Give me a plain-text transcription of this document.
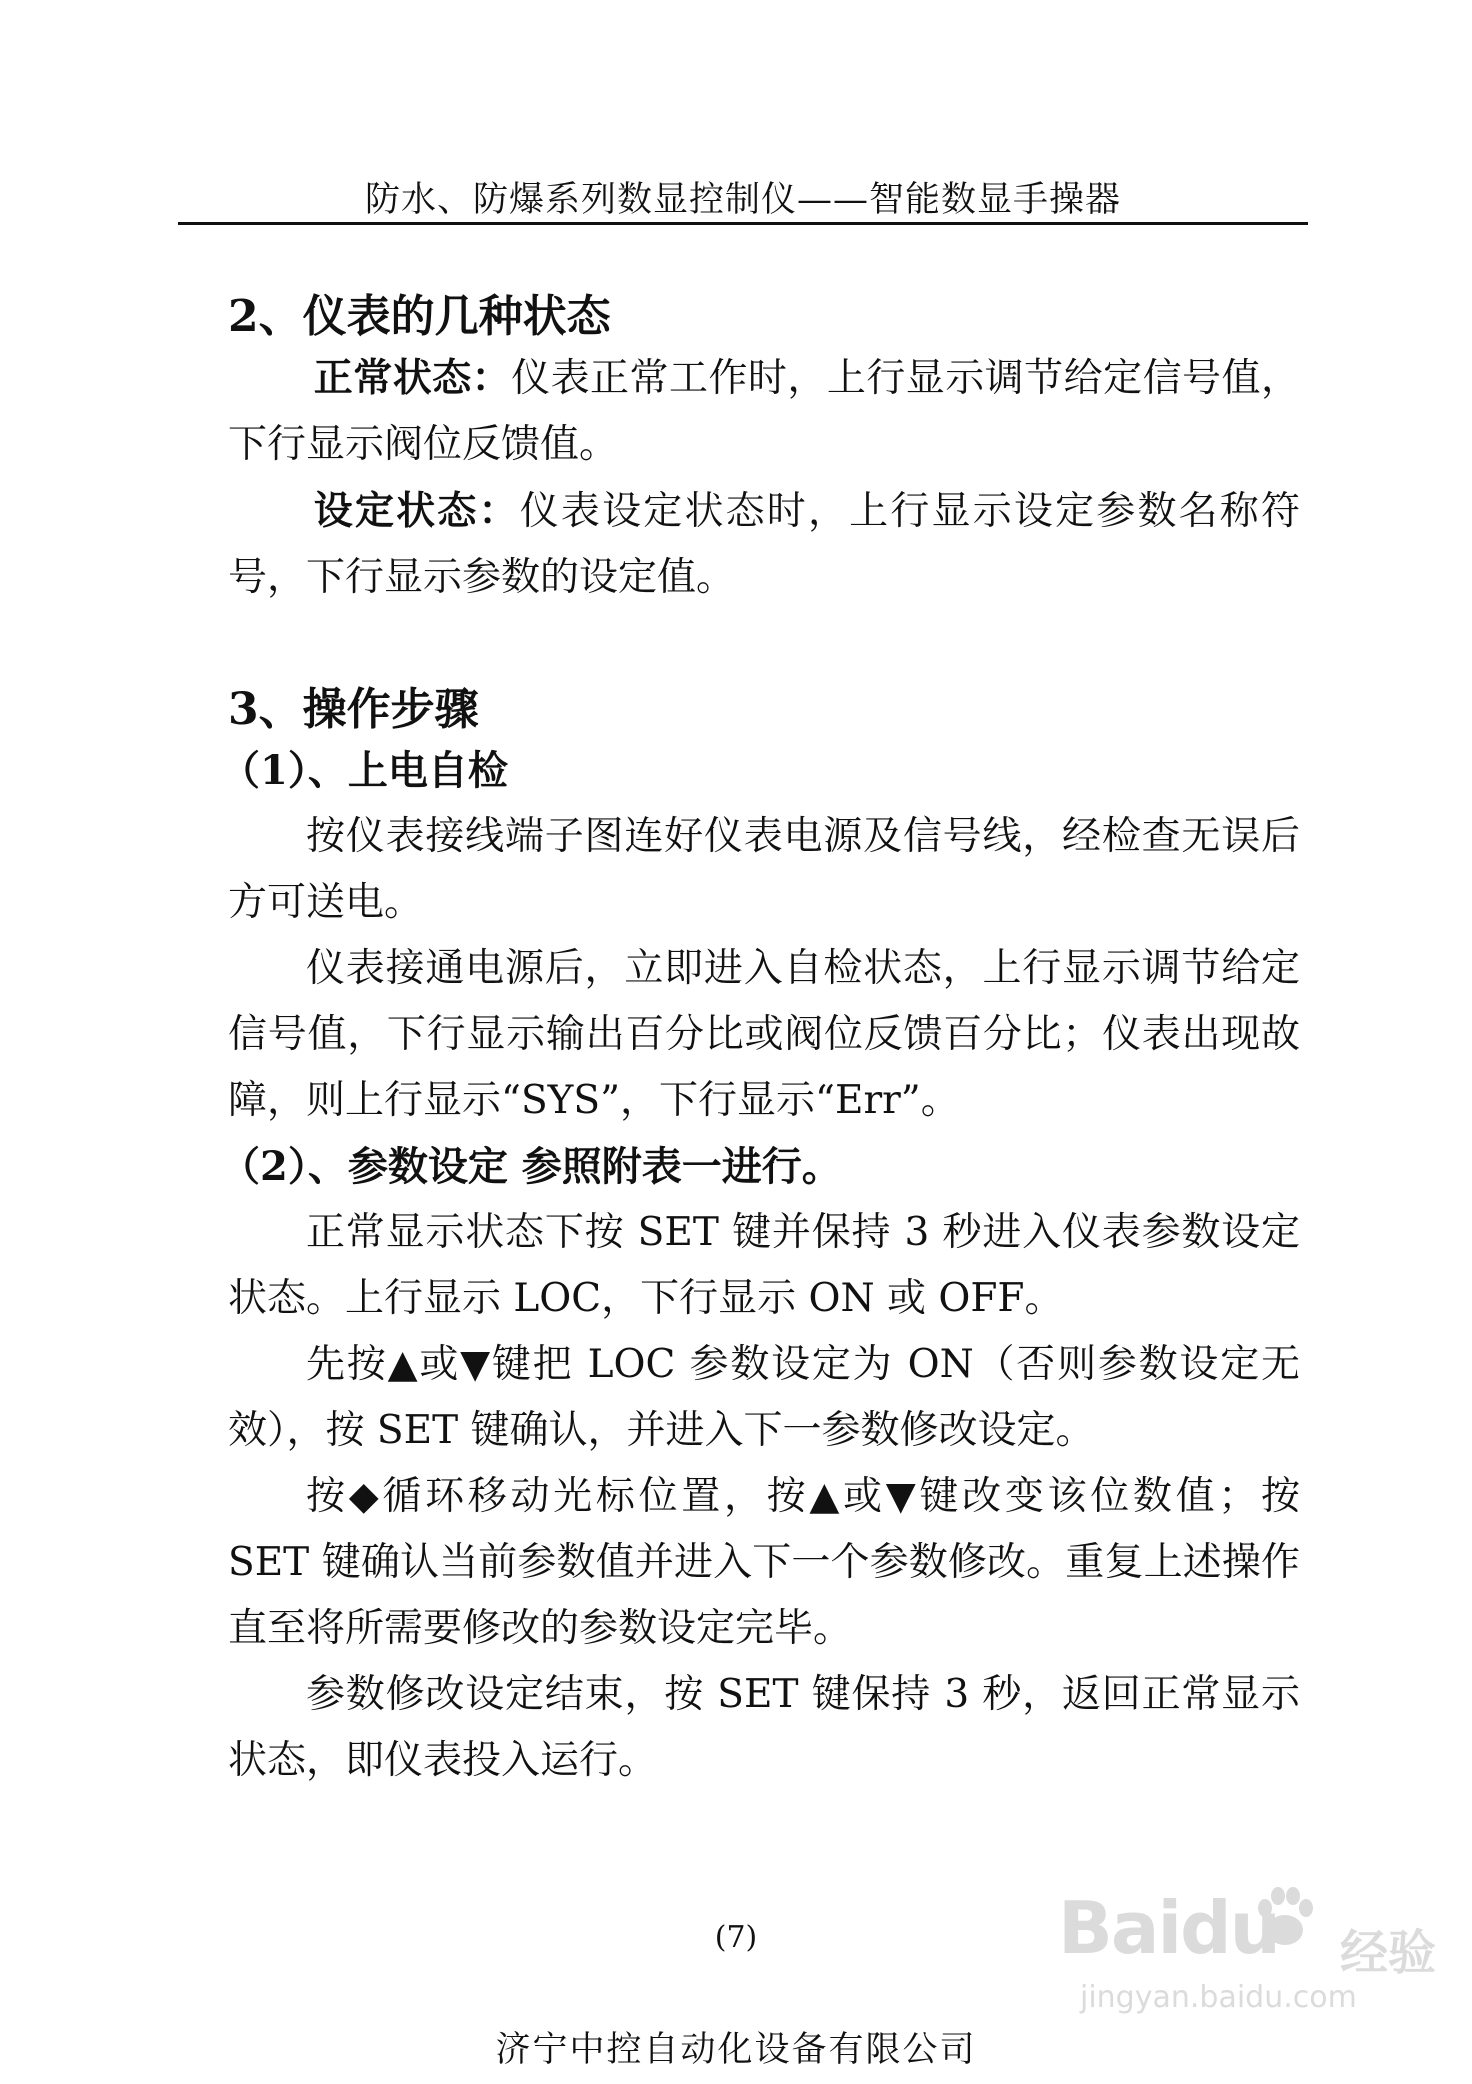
防水、防爆系列数显控制仪——智能数显手操器
2、仪表的几种状态

正常状态：仪表正常工作时，上行显示调节给定信号值，下行显示阀位反馈值。

设定状态：仪表设定状态时，上行显示设定参数名称符号，下行显示参数的设定值。

3、操作步骤
（1）、上电自检

按仪表接线端子图连好仪表电源及信号线，经检查无误后方可送电。

仪表接通电源后，立即进入自检状态，上行显示调节给定信号值，下行显示输出百分比或阀位反馈百分比；仪表出现故障，则上行显示“SYS”，下行显示“Err”。

（2）、参数设定 参照附表一进行。

正常显示状态下按 SET 键并保持 3 秒进入仪表参数设定状态。上行显示 LOC，下行显示 ON 或 OFF。

先按▲或▼键把 LOC 参数设定为 ON（否则参数设定无效），按 SET 键确认，并进入下一参数修改设定。

按◆循环移动光标位置，按▲或▼键改变该位数值；按 SET 键确认当前参数值并进入下一个参数修改。重复上述操作直至将所需要修改的参数设定完毕。

参数修改设定结束，按 SET 键保持 3 秒，返回正常显示状态，即仪表投入运行。

(7)
济宁中控自动化设备有限公司
Baidu 经验
jingyan.baidu.com
